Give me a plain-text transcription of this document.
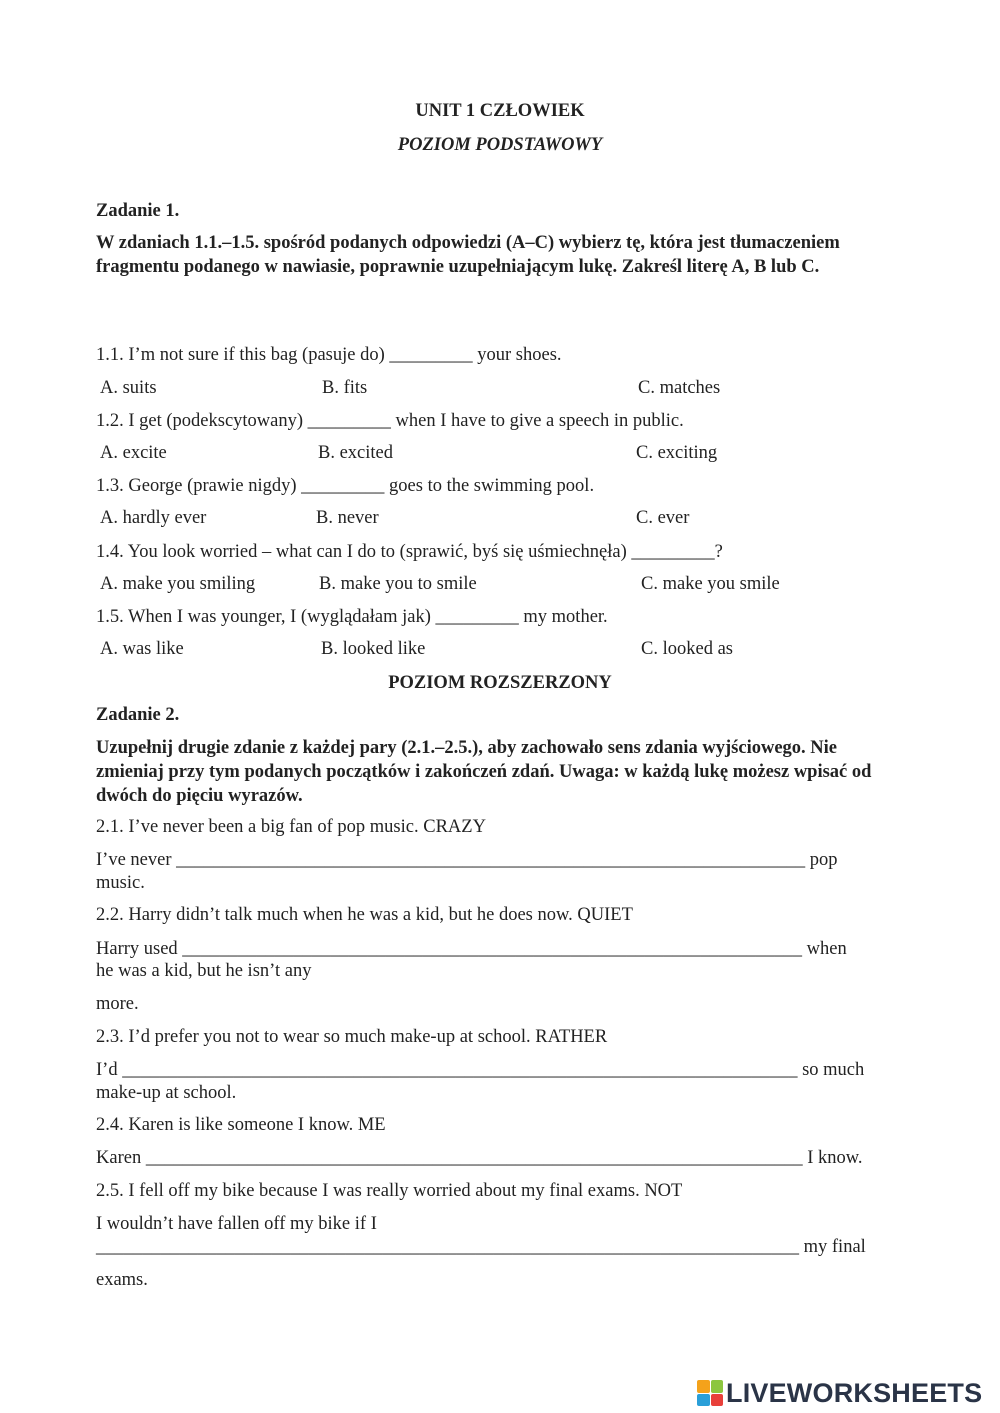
UNIT 1 CZŁOWIEK
POZIOM PODSTAWOWY
Zadanie 1.
W zdaniach 1.1.–1.5. spośród podanych odpowiedzi (A–C) wybierz tę, która jest tłumaczeniem fragmentu podanego w nawiasie, poprawnie uzupełniającym lukę. Zakreśl literę A, B lub C.
1.1. I’m not sure if this bag (pasuje do) _________ your shoes.
A. suits	B. fits	C. matches
1.2. I get (podekscytowany) _________ when I have to give a speech in public.
A. excite	B. excited	C. exciting
1.3. George (prawie nigdy) _________ goes to the swimming pool.
A. hardly ever	B. never	C. ever
1.4. You look worried – what can I do to (sprawić, byś się uśmiechnęła) _________?
A. make you smiling	B. make you to smile	C. make you smile
1.5. When I was younger, I (wyglądałam jak) _________ my mother.
A. was like	B. looked like	C. looked as
POZIOM ROZSZERZONY
Zadanie 2.
Uzupełnij drugie zdanie z każdej pary (2.1.–2.5.), aby zachowało sens zdania wyjściowego. Nie zmieniaj przy tym podanych początków i zakończeń zdań. Uwaga: w każdą lukę możesz wpisać od dwóch do pięciu wyrazów.
2.1. I’ve never been a big fan of pop music. CRAZY
I’ve never ____________________________________________________________________ pop
music.
2.2. Harry didn’t talk much when he was a kid, but he does now. QUIET
Harry used ___________________________________________________________________ when
he was a kid, but he isn’t any
more.
2.3. I’d prefer you not to wear so much make-up at school. RATHER
I’d _________________________________________________________________________ so much
make-up at school.
2.4. Karen is like someone I know. ME
Karen _______________________________________________________________________ I know.
2.5. I fell off my bike because I was really worried about my final exams. NOT
I wouldn’t have fallen off my bike if I
____________________________________________________________________________ my final
exams.
LIVEWORKSHEETS
